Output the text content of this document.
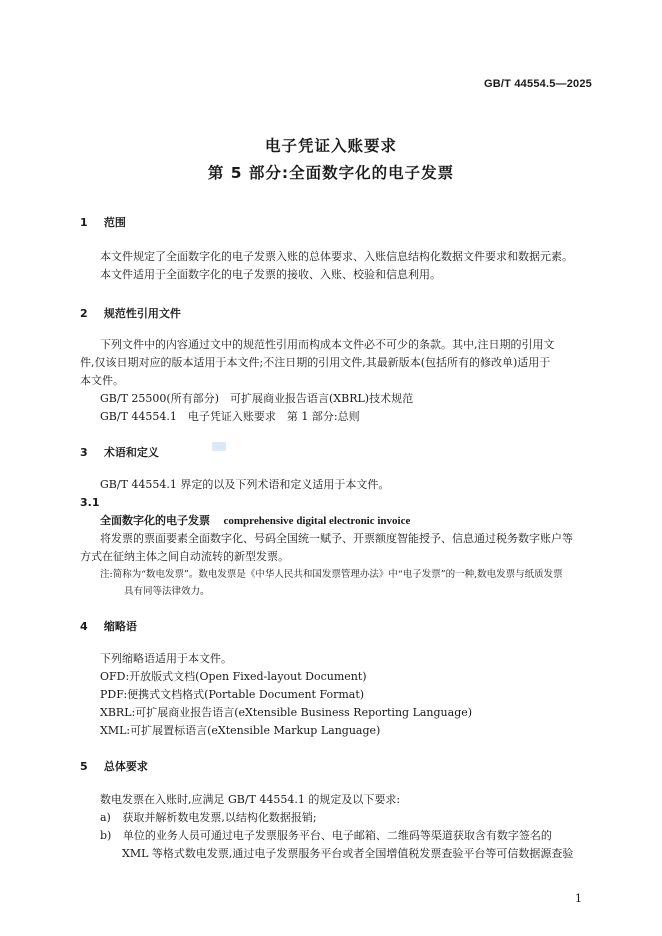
GB/T 44554.5—2025
电子凭证入账要求
第 5 部分:全面数字化的电子发票
1 范围
本文件规定了全面数字化的电子发票入账的总体要求、入账信息结构化数据文件要求和数据元素。
本文件适用于全面数字化的电子发票的接收、入账、校验和信息利用。
2 规范性引用文件
下列文件中的内容通过文中的规范性引用而构成本文件必不可少的条款。其中,注日期的引用文
件,仅该日期对应的版本适用于本文件;不注日期的引用文件,其最新版本(包括所有的修改单)适用于
本文件。
GB/T 25500(所有部分)　可扩展商业报告语言(XBRL)技术规范
GB/T 44554.1　电子凭证入账要求　第 1 部分:总则
3 术语和定义
GB/T 44554.1 界定的以及下列术语和定义适用于本文件。
3.1
全面数字化的电子发票 comprehensive digital electronic invoice
将发票的票面要素全面数字化、号码全国统一赋予、开票额度智能授予、信息通过税务数字账户等
方式在征纳主体之间自动流转的新型发票。
注:简称为“数电发票”。数电发票是《中华人民共和国发票管理办法》中“电子发票”的一种,数电发票与纸质发票
具有同等法律效力。
4 缩略语
下列缩略语适用于本文件。
OFD:开放版式文档(Open Fixed-layout Document)
PDF:便携式文档格式(Portable Document Format)
XBRL:可扩展商业报告语言(eXtensible Business Reporting Language)
XML:可扩展置标语言(eXtensible Markup Language)
5 总体要求
数电发票在入账时,应满足 GB/T 44554.1 的规定及以下要求:
a) 获取并解析数电发票,以结构化数据报销;
b) 单位的业务人员可通过电子发票服务平台、电子邮箱、二维码等渠道获取含有数字签名的
XML 等格式数电发票,通过电子发票服务平台或者全国增值税发票查验平台等可信数据源查验
1
